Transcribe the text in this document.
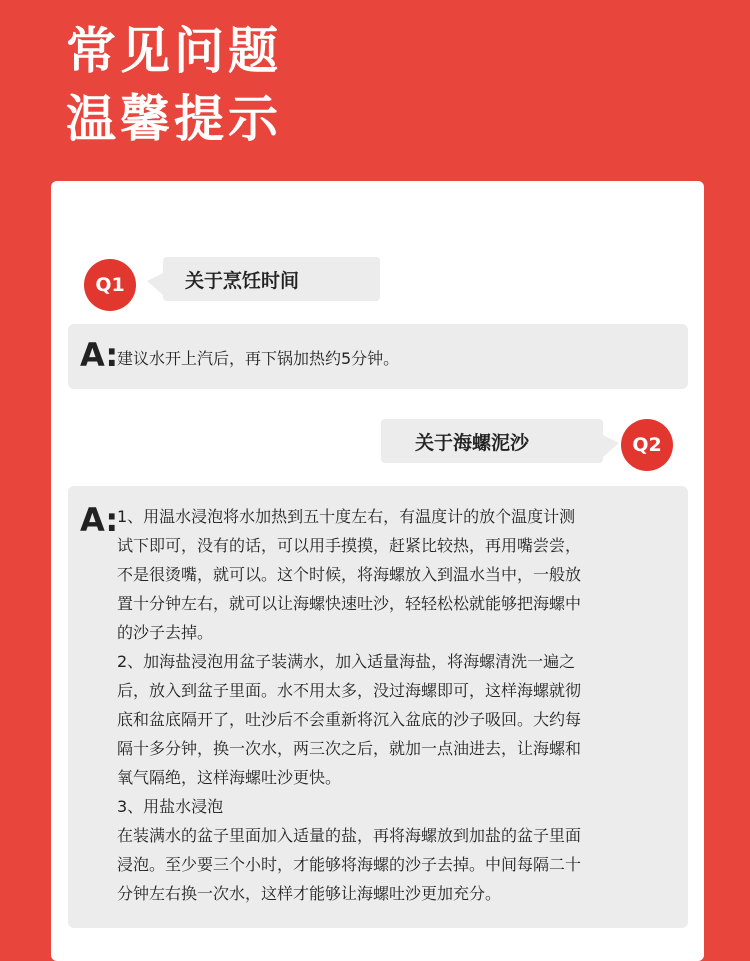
常见问题
温馨提示
Q1	关于烹饪时间
A:
建议水开上汽后，再下锅加热约5分钟。
关于海螺泥沙	Q2
A:
1、用温水浸泡将水加热到五十度左右，有温度计的放个温度计测
试下即可，没有的话，可以用手摸摸，赶紧比较热，再用嘴尝尝，
不是很烫嘴，就可以。这个时候，将海螺放入到温水当中，一般放
置十分钟左右，就可以让海螺快速吐沙，轻轻松松就能够把海螺中
的沙子去掉。
2、加海盐浸泡用盆子装满水，加入适量海盐，将海螺清洗一遍之
后，放入到盆子里面。水不用太多，没过海螺即可，这样海螺就彻
底和盆底隔开了，吐沙后不会重新将沉入盆底的沙子吸回。大约每
隔十多分钟，换一次水，两三次之后，就加一点油进去，让海螺和
氧气隔绝，这样海螺吐沙更快。
3、用盐水浸泡
在装满水的盆子里面加入适量的盐，再将海螺放到加盐的盆子里面
浸泡。至少要三个小时，才能够将海螺的沙子去掉。中间每隔二十
分钟左右换一次水，这样才能够让海螺吐沙更加充分。
